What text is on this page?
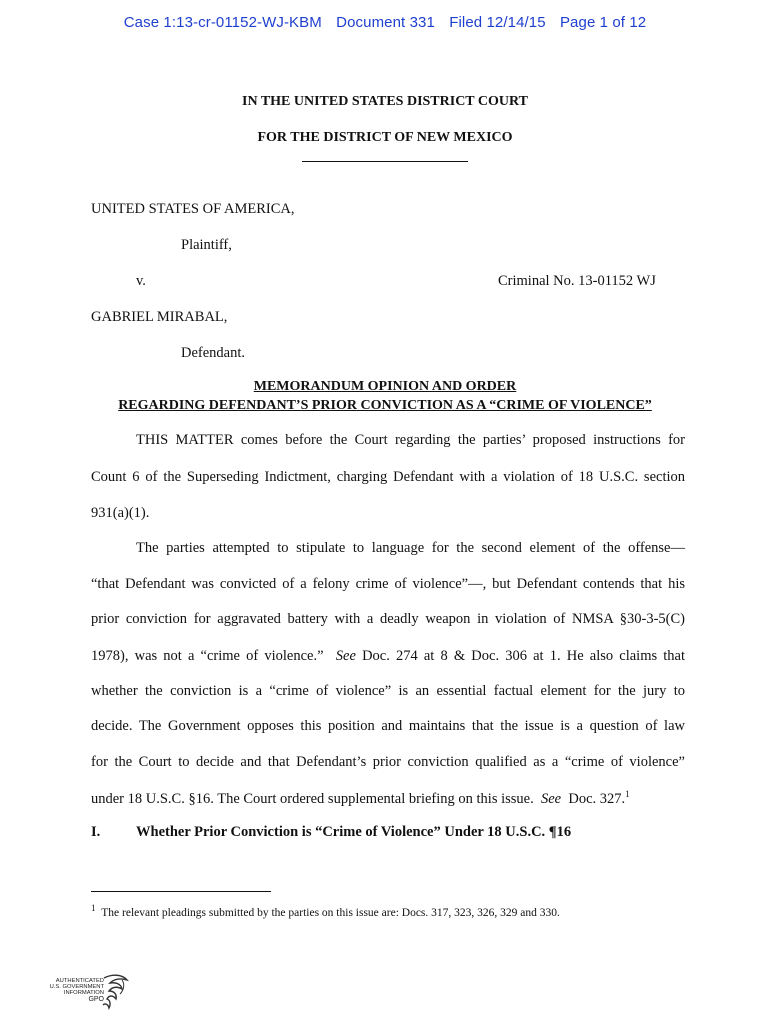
Case 1:13-cr-01152-WJ-KBM Document 331 Filed 12/14/15 Page 1 of 12
IN THE UNITED STATES DISTRICT COURT
FOR THE DISTRICT OF NEW MEXICO
UNITED STATES OF AMERICA,
Plaintiff,
v.	Criminal No. 13-01152 WJ
GABRIEL MIRABAL,
Defendant.
MEMORANDUM OPINION AND ORDER
REGARDING DEFENDANT’S PRIOR CONVICTION AS A “CRIME OF VIOLENCE”
THIS MATTER comes before the Court regarding the parties’ proposed instructions for
Count 6 of the Superseding Indictment, charging Defendant with a violation of 18 U.S.C. section
931(a)(1).
The parties attempted to stipulate to language for the second element of the offense—
“that Defendant was convicted of a felony crime of violence”—, but Defendant contends that his
prior conviction for aggravated battery with a deadly weapon in violation of NMSA §30-3-5(C)
1978), was not a “crime of violence.” See Doc. 274 at 8 & Doc. 306 at 1. He also claims that
whether the conviction is a “crime of violence” is an essential factual element for the jury to
decide. The Government opposes this position and maintains that the issue is a question of law
for the Court to decide and that Defendant’s prior conviction qualified as a “crime of violence”
under 18 U.S.C. §16. The Court ordered supplemental briefing on this issue. See Doc. 327.$^1$
I. Whether Prior Conviction is “Crime of Violence” Under 18 U.S.C. ¶16
$^1$ The relevant pleadings submitted by the parties on this issue are: Docs. 317, 323, 326, 329 and 330.
AUTHENTICATED
U.S. GOVERNMENT
INFORMATION
GPO
